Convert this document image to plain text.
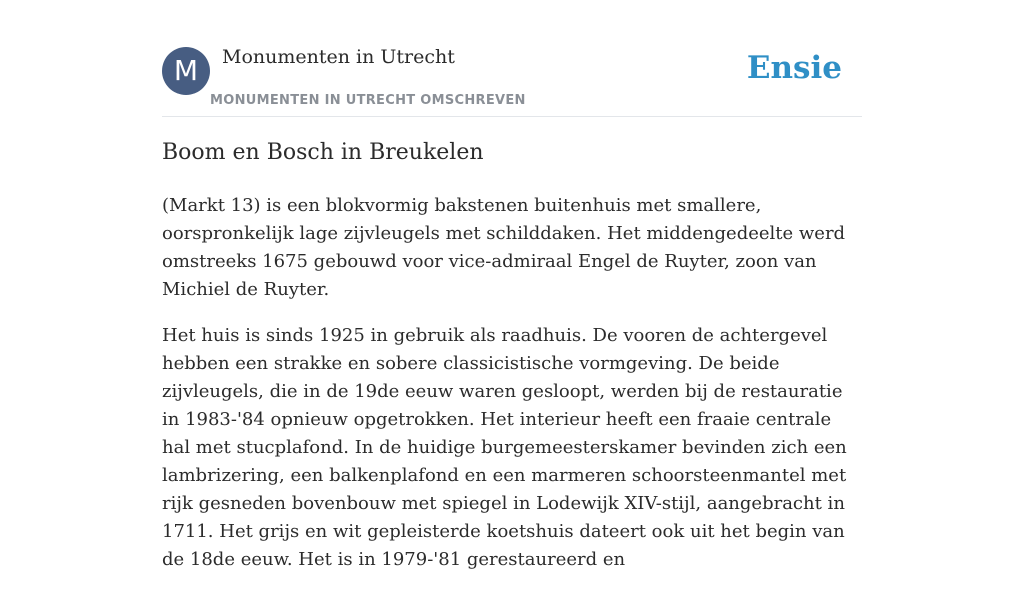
M	Monumenten in Utrecht
MONUMENTEN IN UTRECHT OMSCHREVEN
Ensie
Boom en Bosch in Breukelen

(Markt 13) is een blokvormig bakstenen buitenhuis met smallere, oorspronkelijk lage zijvleugels met schilddaken. Het middengedeelte werd omstreeks 1675 gebouwd voor vice-admiraal Engel de Ruyter, zoon van Michiel de Ruyter.

Het huis is sinds 1925 in gebruik als raadhuis. De vooren de achtergevel hebben een strakke en sobere classicistische vormgeving. De beide zijvleugels, die in de 19de eeuw waren gesloopt, werden bij de restauratie in 1983-'84 opnieuw opgetrokken. Het interieur heeft een fraaie centrale hal met stucplafond. In de huidige burgemeesterskamer bevinden zich een lambrizering, een balkenplafond en een marmeren schoorsteenmantel met rijk gesneden bovenbouw met spiegel in Lodewijk XIV-stijl, aangebracht in 1711. Het grijs en wit gepleisterde koetshuis dateert ook uit het begin van de 18de eeuw. Het is in 1979-'81 gerestaureerd en
